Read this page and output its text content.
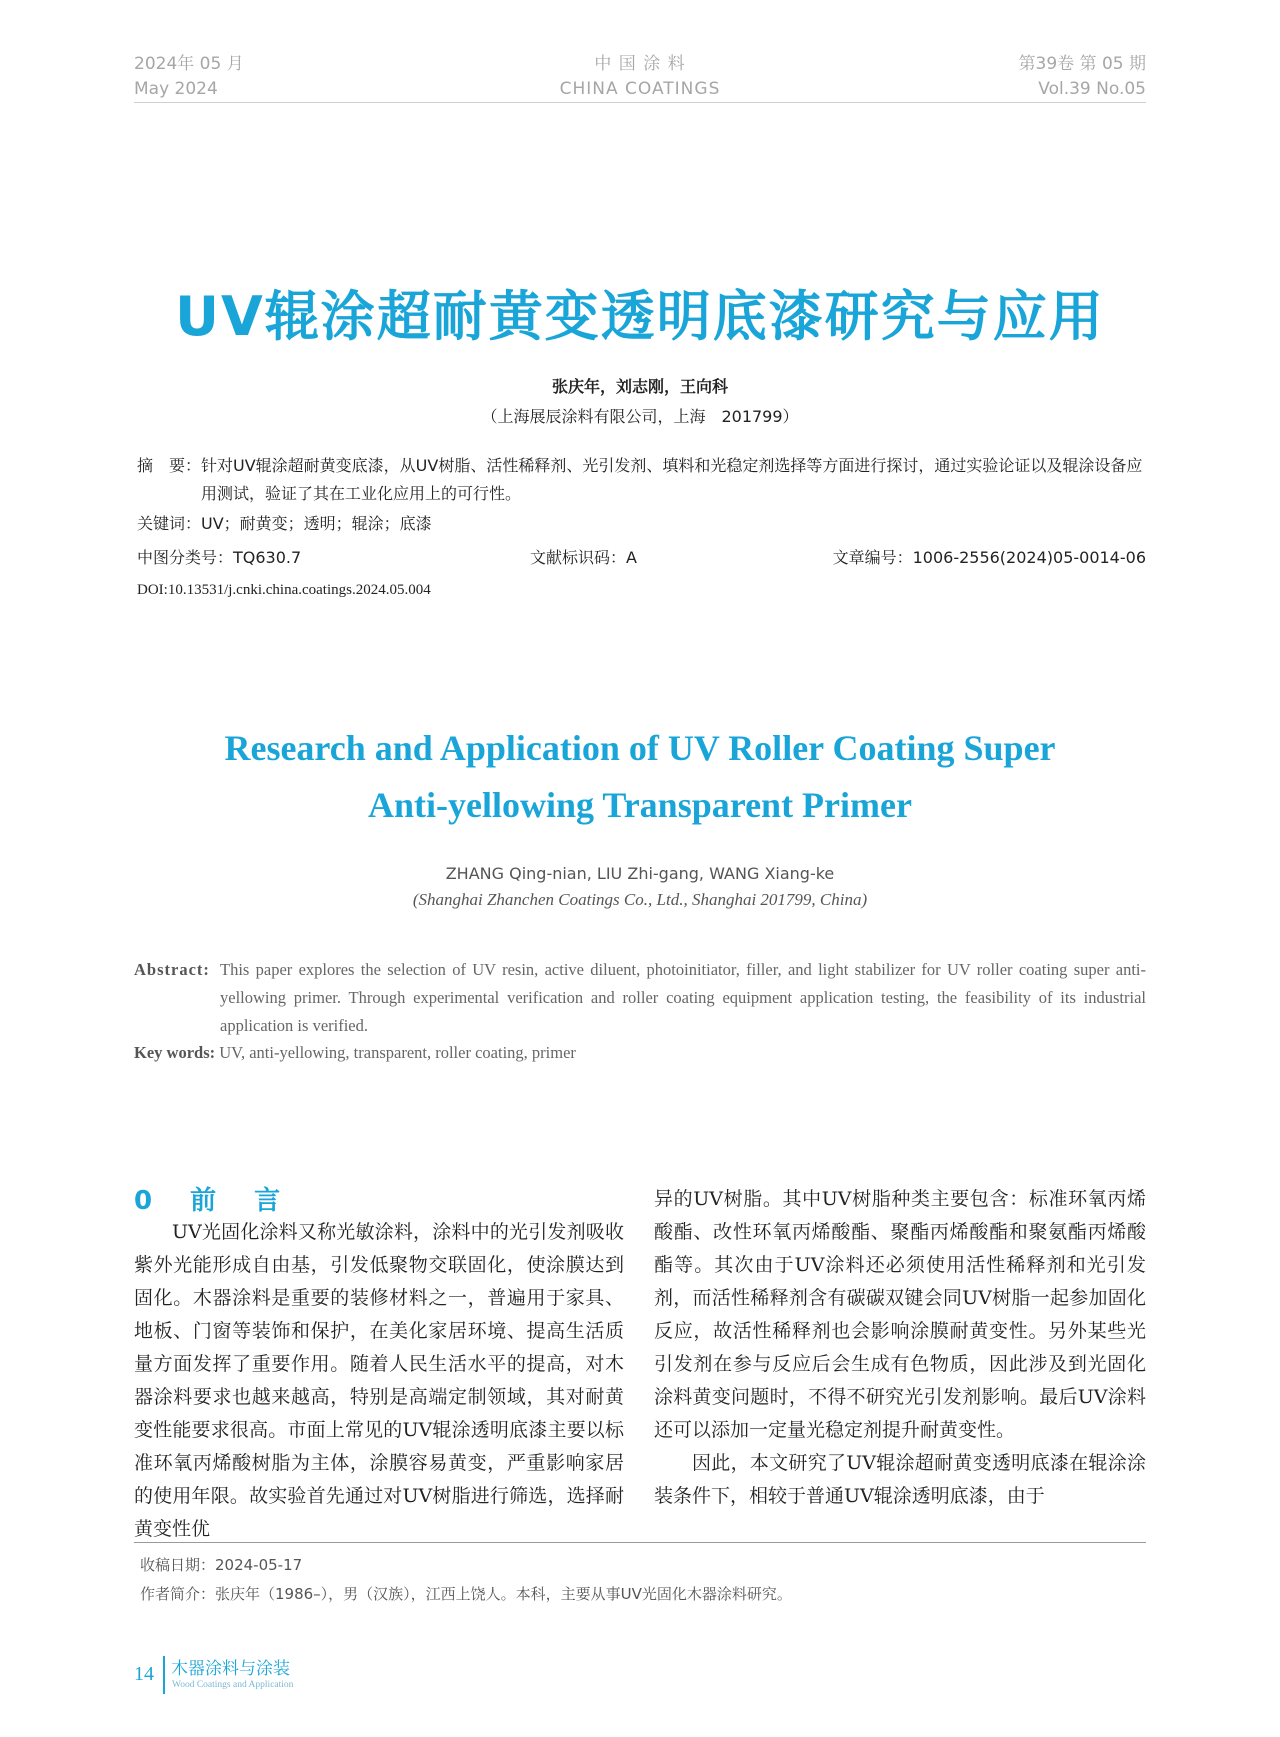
2024年 05 月
May 2024
中 国 涂 料
CHINA COATINGS
第39卷 第 05 期
Vol.39 No.05
UV辊涂超耐黄变透明底漆研究与应用
张庆年，刘志刚，王向科
（上海展辰涂料有限公司，上海　201799）
摘　要： 针对UV辊涂超耐黄变底漆，从UV树脂、活性稀释剂、光引发剂、填料和光稳定剂选择等方面进行探讨，通过实验论证以及辊涂设备应用测试，验证了其在工业化应用上的可行性。
关键词：UV；耐黄变；透明；辊涂；底漆
中图分类号：TQ630.7	文献标识码：A	文章编号：1006-2556(2024)05-0014-06
DOI:10.13531/j.cnki.china.coatings.2024.05.004
Research and Application of UV Roller Coating Super
Anti-yellowing Transparent Primer
ZHANG Qing-nian, LIU Zhi-gang, WANG Xiang-ke
(Shanghai Zhanchen Coatings Co., Ltd., Shanghai 201799, China)
Abstract: This paper explores the selection of UV resin, active diluent, photoinitiator, filler, and light stabilizer for UV roller coating super anti-yellowing primer. Through experimental verification and roller coating equipment application testing, the feasibility of its industrial application is verified.
Key words: UV, anti-yellowing, transparent, roller coating, primer
0　前　言

UV光固化涂料又称光敏涂料，涂料中的光引发剂吸收紫外光能形成自由基，引发低聚物交联固化，使涂膜达到固化。木器涂料是重要的装修材料之一，普遍用于家具、地板、门窗等装饰和保护，在美化家居环境、提高生活质量方面发挥了重要作用。随着人民生活水平的提高，对木器涂料要求也越来越高，特别是高端定制领域，其对耐黄变性能要求很高。市面上常见的UV辊涂透明底漆主要以标准环氧丙烯酸树脂为主体，涂膜容易黄变，严重影响家居的使用年限。故实验首先通过对UV树脂进行筛选，选择耐黄变性优

异的UV树脂。其中UV树脂种类主要包含：标准环氧丙烯酸酯、改性环氧丙烯酸酯、聚酯丙烯酸酯和聚氨酯丙烯酸酯等。其次由于UV涂料还必须使用活性稀释剂和光引发剂，而活性稀释剂含有碳碳双键会同UV树脂一起参加固化反应，故活性稀释剂也会影响涂膜耐黄变性。另外某些光引发剂在参与反应后会生成有色物质，因此涉及到光固化涂料黄变问题时，不得不研究光引发剂影响。最后UV涂料还可以添加一定量光稳定剂提升耐黄变性。

因此，本文研究了UV辊涂超耐黄变透明底漆在辊涂涂装条件下，相较于普通UV辊涂透明底漆，由于

收稿日期：2024-05-17
作者简介：张庆年（1986–），男（汉族），江西上饶人。本科，主要从事UV光固化木器涂料研究。
14 木器涂料与涂装
Wood Coatings and Application
